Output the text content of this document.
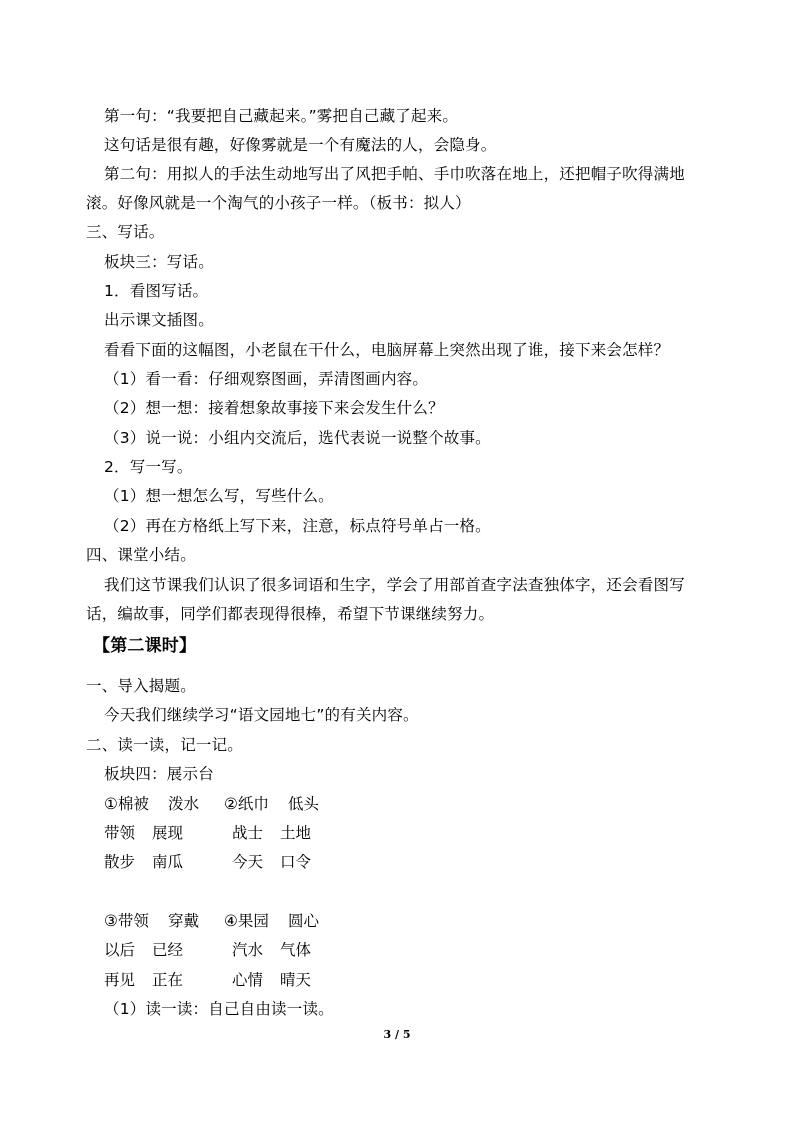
第一句：“我要把自己藏起来。”雾把自己藏了起来。
这句话是很有趣，好像雾就是一个有魔法的人，会隐身。
第二句：用拟人的手法生动地写出了风把手帕、手巾吹落在地上，还把帽子吹得满地
滚。好像风就是一个淘气的小孩子一样。（板书：拟人）
三、写话。
板块三：写话。
1．看图写话。
出示课文插图。
看看下面的这幅图，小老鼠在干什么，电脑屏幕上突然出现了谁，接下来会怎样？
（1）看一看：仔细观察图画，弄清图画内容。
（2）想一想：接着想象故事接下来会发生什么？
（3）说一说：小组内交流后，选代表说一说整个故事。
2．写一写。
（1）想一想怎么写，写些什么。
（2）再在方格纸上写下来，注意，标点符号单占一格。
四、课堂小结。
我们这节课我们认识了很多词语和生字，学会了用部首查字法查独体字，还会看图写
话，编故事，同学们都表现得很棒，希望下节课继续努力。
【第二课时】
一、导入揭题。
今天我们继续学习“语文园地七”的有关内容。
二、读一读，记一记。
板块四：展示台
①棉被 泼水 ②纸巾 低头
带领 展现	战士 土地
散步 南瓜	今天 口令
③带领 穿戴 ④果园 圆心
以后 已经	汽水 气体
再见 正在	心情 晴天
（1）读一读：自己自由读一读。
3 / 5
